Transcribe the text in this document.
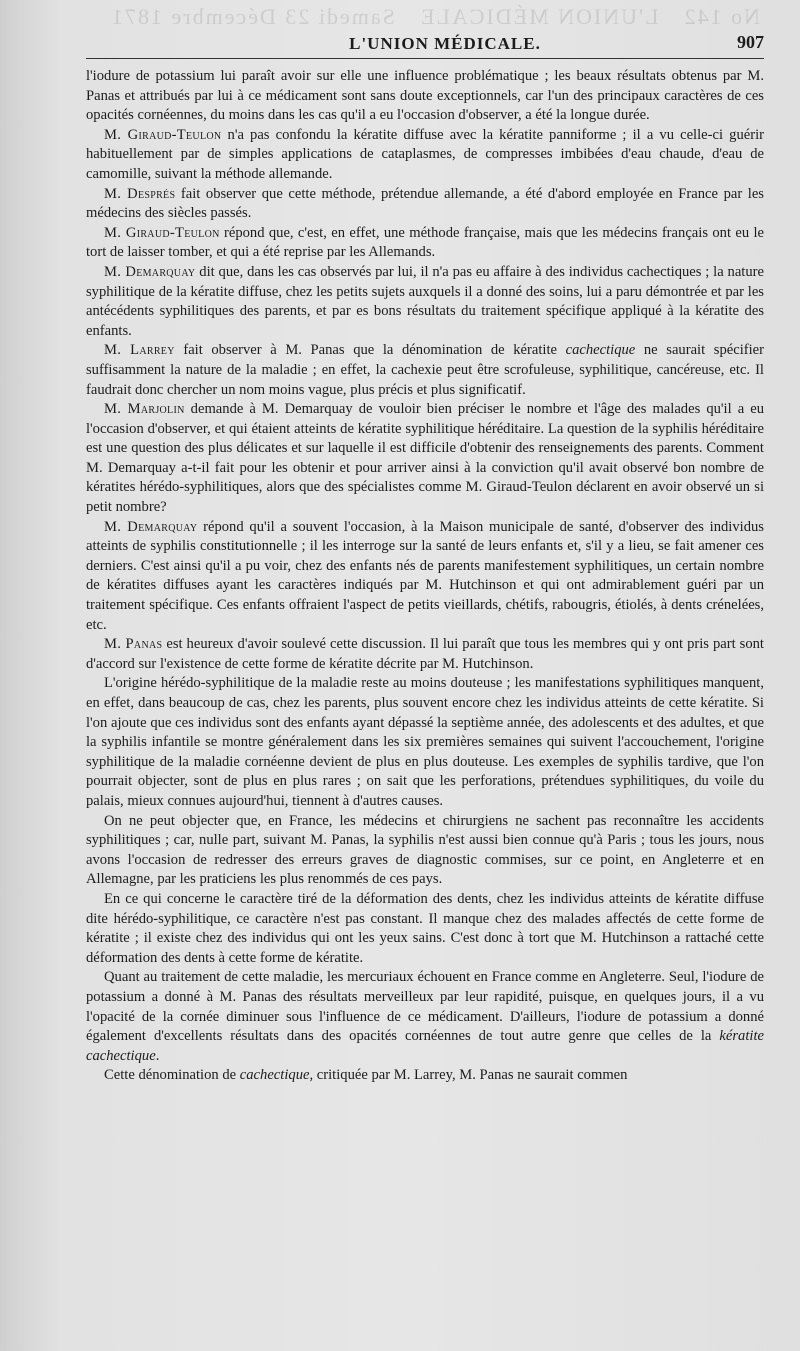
No 142
L'UNION MÉDICALE
Samedi 23 Décembre 1871
L'UNION MÉDICALE.	907

l'iodure de potassium lui paraît avoir sur elle une influence problématique ; les beaux résultats obtenus par M. Panas et attribués par lui à ce médicament sont sans doute exceptionnels, car l'un des principaux caractères de ces opacités cornéennes, du moins dans les cas qu'il a eu l'occasion d'observer, a été la longue durée.

M. Giraud-Teulon n'a pas confondu la kératite diffuse avec la kératite panniforme ; il a vu celle-ci guérir habituellement par de simples applications de cataplasmes, de compresses imbibées d'eau chaude, d'eau de camomille, suivant la méthode allemande.

M. Després fait observer que cette méthode, prétendue allemande, a été d'abord employée en France par les médecins des siècles passés.

M. Giraud-Teulon répond que, c'est, en effet, une méthode française, mais que les médecins français ont eu le tort de laisser tomber, et qui a été reprise par les Allemands.

M. Demarquay dit que, dans les cas observés par lui, il n'a pas eu affaire à des individus cachectiques ; la nature syphilitique de la kératite diffuse, chez les petits sujets auxquels il a donné des soins, lui a paru démontrée et par les antécédents syphilitiques des parents, et par es bons résultats du traitement spécifique appliqué à la kératite des enfants.

M. Larrey fait observer à M. Panas que la dénomination de kératite cachectique ne saurait spécifier suffisamment la nature de la maladie ; en effet, la cachexie peut être scrofuleuse, syphilitique, cancéreuse, etc. Il faudrait donc chercher un nom moins vague, plus précis et plus significatif.

M. Marjolin demande à M. Demarquay de vouloir bien préciser le nombre et l'âge des malades qu'il a eu l'occasion d'observer, et qui étaient atteints de kératite syphilitique héréditaire. La question de la syphilis héréditaire est une question des plus délicates et sur laquelle il est difficile d'obtenir des renseignements des parents. Comment M. Demarquay a-t-il fait pour les obtenir et pour arriver ainsi à la conviction qu'il avait observé bon nombre de kératites hérédo-syphilitiques, alors que des spécialistes comme M. Giraud-Teulon déclarent en avoir observé un si petit nombre?

M. Demarquay répond qu'il a souvent l'occasion, à la Maison municipale de santé, d'observer des individus atteints de syphilis constitutionnelle ; il les interroge sur la santé de leurs enfants et, s'il y a lieu, se fait amener ces derniers. C'est ainsi qu'il a pu voir, chez des enfants nés de parents manifestement syphilitiques, un certain nombre de kératites diffuses ayant les caractères indiqués par M. Hutchinson et qui ont admirablement guéri par un traitement spécifique. Ces enfants offraient l'aspect de petits vieillards, chétifs, rabougris, étiolés, à dents crénelées, etc.

M. Panas est heureux d'avoir soulevé cette discussion. Il lui paraît que tous les membres qui y ont pris part sont d'accord sur l'existence de cette forme de kératite décrite par M. Hutchinson.

L'origine hérédo-syphilitique de la maladie reste au moins douteuse ; les manifestations syphilitiques manquent, en effet, dans beaucoup de cas, chez les parents, plus souvent encore chez les individus atteints de cette kératite. Si l'on ajoute que ces individus sont des enfants ayant dépassé la septième année, des adolescents et des adultes, et que la syphilis infantile se montre généralement dans les six premières semaines qui suivent l'accouchement, l'origine syphilitique de la maladie cornéenne devient de plus en plus douteuse. Les exemples de syphilis tardive, que l'on pourrait objecter, sont de plus en plus rares ; on sait que les perforations, prétendues syphilitiques, du voile du palais, mieux connues aujourd'hui, tiennent à d'autres causes.

On ne peut objecter que, en France, les médecins et chirurgiens ne sachent pas reconnaître les accidents syphilitiques ; car, nulle part, suivant M. Panas, la syphilis n'est aussi bien connue qu'à Paris ; tous les jours, nous avons l'occasion de redresser des erreurs graves de diagnostic commises, sur ce point, en Angleterre et en Allemagne, par les praticiens les plus renommés de ces pays.

En ce qui concerne le caractère tiré de la déformation des dents, chez les individus atteints de kératite diffuse dite hérédo-syphilitique, ce caractère n'est pas constant. Il manque chez des malades affectés de cette forme de kératite ; il existe chez des individus qui ont les yeux sains. C'est donc à tort que M. Hutchinson a rattaché cette déformation des dents à cette forme de kératite.

Quant au traitement de cette maladie, les mercuriaux échouent en France comme en Angleterre. Seul, l'iodure de potassium a donné à M. Panas des résultats merveilleux par leur rapidité, puisque, en quelques jours, il a vu l'opacité de la cornée diminuer sous l'influence de ce médicament. D'ailleurs, l'iodure de potassium a donné également d'excellents résultats dans des opacités cornéennes de tout autre genre que celles de la kératite cachectique.

Cette dénomination de cachectique, critiquée par M. Larrey, M. Panas ne saurait commen
